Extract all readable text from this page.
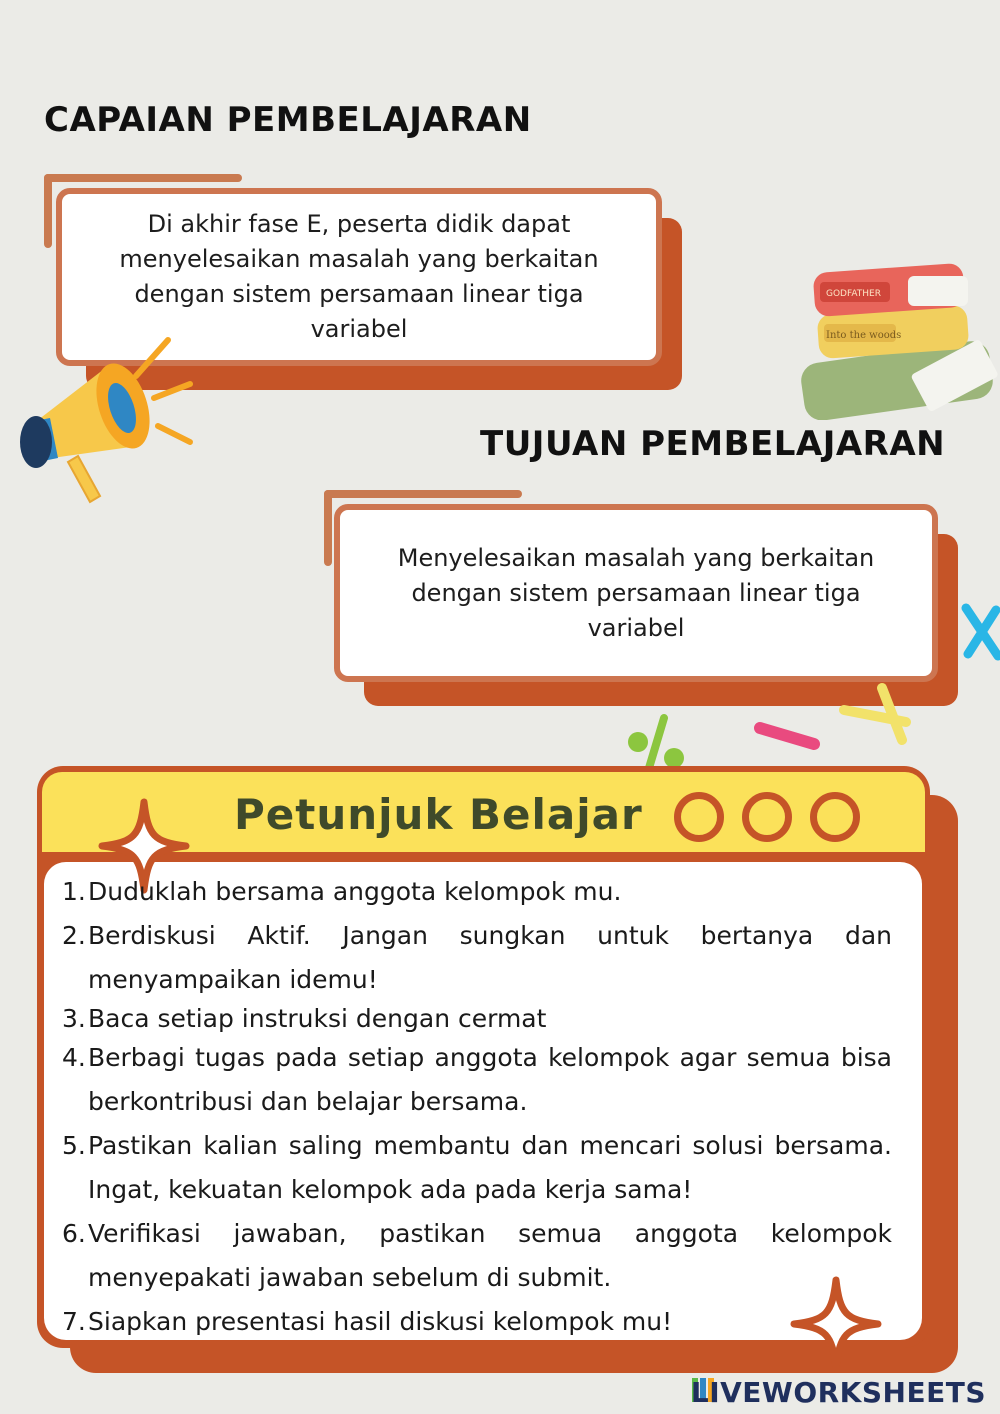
CAPAIAN PEMBELAJARAN
Di akhir fase E, peserta didik dapat menyelesaikan masalah yang berkaitan dengan sistem persamaan linear tiga variabel	Into the woods
GODFATHER
TUJUAN PEMBELAJARAN
Menyelesaikan masalah yang berkaitan dengan sistem persamaan linear tiga variabel
Petunjuk Belajar
1. Duduklah bersama anggota kelompok mu.
2. Berdiskusi Aktif. Jangan sungkan untuk bertanya dan menyampaikan idemu!
3. Baca setiap instruksi dengan cermat
4. Berbagi tugas pada setiap anggota kelompok agar semua bisa berkontribusi dan belajar bersama.
5. Pastikan kalian saling membantu dan mencari solusi bersama. Ingat, kekuatan kelompok ada pada kerja sama!
6. Verifikasi jawaban, pastikan semua anggota kelompok menyepakati jawaban sebelum di submit.
7. Siapkan presentasi hasil diskusi kelompok mu!
LIVEWORKSHEETS
